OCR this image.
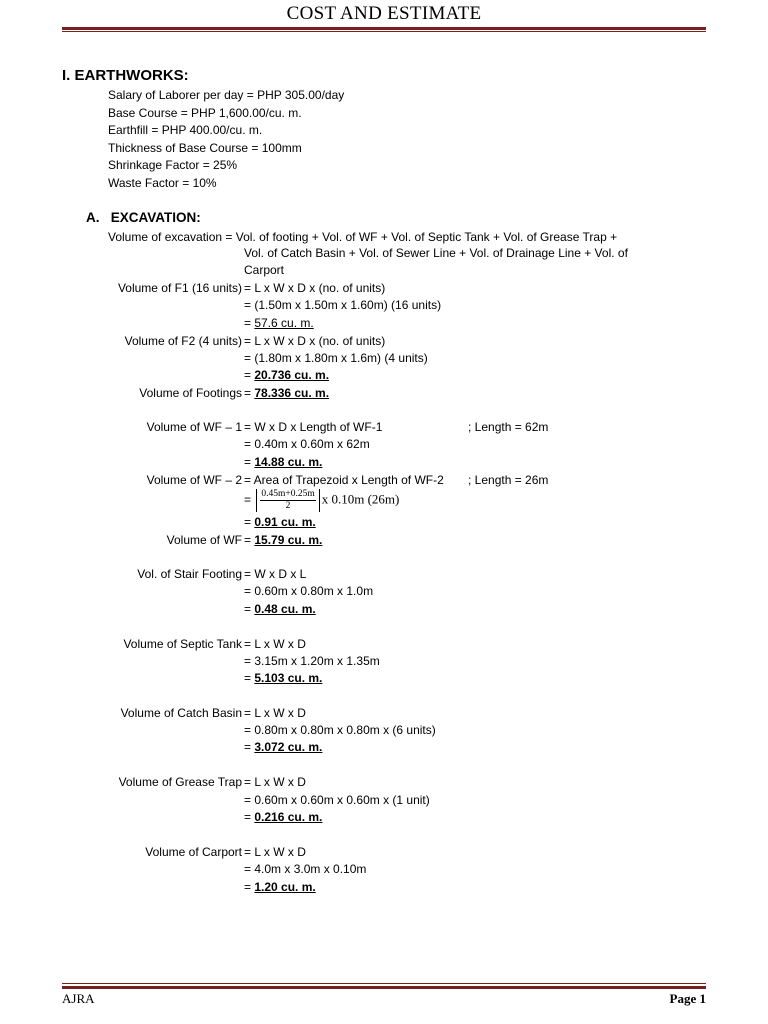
COST AND ESTIMATE
I. EARTHWORKS:
Salary of Laborer per day = PHP 305.00/day
Base Course = PHP 1,600.00/cu. m.
Earthfill = PHP 400.00/cu. m.
Thickness of Base Course = 100mm
Shrinkage Factor = 25%
Waste Factor = 10%
A.   EXCAVATION:
Volume of excavation = Vol. of footing + Vol. of WF + Vol. of Septic Tank + Vol. of Grease Trap +
Vol. of Catch Basin + Vol. of Sewer Line + Vol. of Drainage Line + Vol. of
Carport
Volume of F1 (16 units) = L x W x D x (no. of units)
= (1.50m x 1.50m x 1.60m) (16 units)
= 57.6 cu. m.
Volume of F2 (4 units) = L x W x D x (no. of units)
= (1.80m x 1.80m x 1.6m) (4 units)
= 20.736 cu. m.
Volume of Footings = 78.336 cu. m.
Volume of WF – 1 = W x D x Length of WF-1	; Length = 62m
= 0.40m x 0.60m x 62m
= 14.88 cu. m.
Volume of WF – 2 = Area of Trapezoid x Length of WF-2 ; Length = 26m
= $\frac{0.45m+0.25m}{2}$ x 0.10m (26m)
= 0.91 cu. m.
Volume of WF = 15.79 cu. m.
Vol. of Stair Footing = W x D x L
= 0.60m x 0.80m x 1.0m
= 0.48 cu. m.
Volume of Septic Tank = L x W x D
= 3.15m x 1.20m x 1.35m
= 5.103 cu. m.
Volume of Catch Basin = L x W x D
= 0.80m x 0.80m x 0.80m x (6 units)
= 3.072 cu. m.
Volume of Grease Trap = L x W x D
= 0.60m x 0.60m x 0.60m x (1 unit)
= 0.216 cu. m.
Volume of Carport = L x W x D
= 4.0m x 3.0m x 0.10m
= 1.20 cu. m.
AJRA	Page 1
